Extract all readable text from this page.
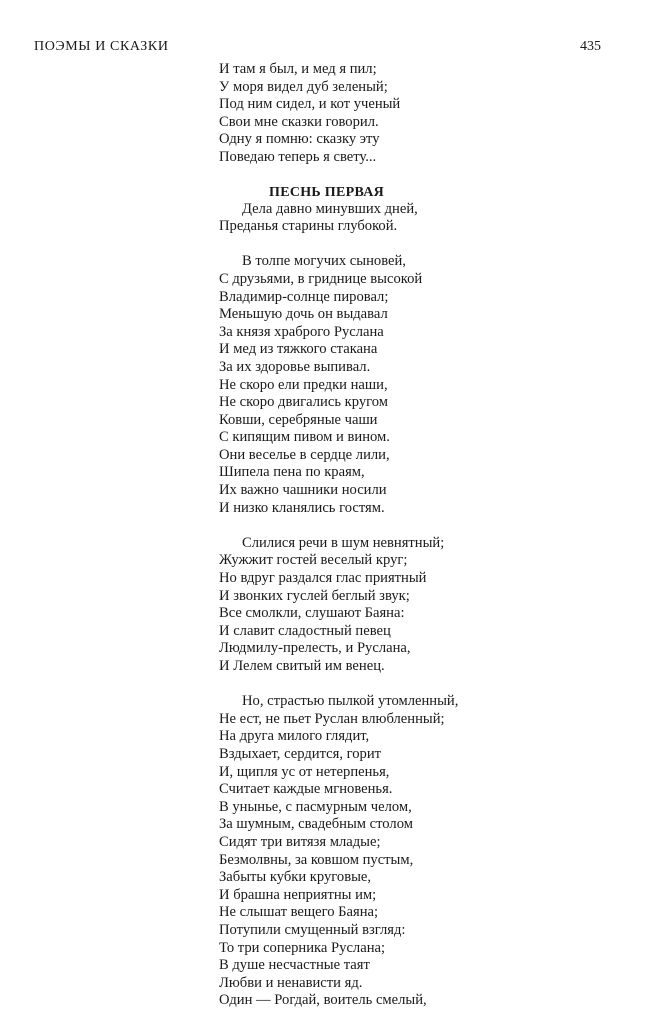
ПОЭМЫ И СКАЗКИ	435
И там я был, и мед я пил;
У моря видел дуб зеленый;
Под ним сидел, и кот ученый
Свои мне сказки говорил.
Одну я помню: сказку эту
Поведаю теперь я свету...
ПЕСНЬ ПЕРВАЯ
Дела давно минувших дней,
Преданья старины глубокой.
В толпе могучих сыновей,
С друзьями, в гриднице высокой
Владимир-солнце пировал;
Меньшую дочь он выдавал
За князя храброго Руслана
И мед из тяжкого стакана
За их здоровье выпивал.
Не скоро ели предки наши,
Не скоро двигались кругом
Ковши, серебряные чаши
С кипящим пивом и вином.
Они веселье в сердце лили,
Шипела пена по краям,
Их важно чашники носили
И низко кланялись гостям.
Слилися речи в шум невнятный;
Жужжит гостей веселый круг;
Но вдруг раздался глас приятный
И звонких гуслей беглый звук;
Все смолкли, слушают Баяна:
И славит сладостный певец
Людмилу-прелесть, и Руслана,
И Лелем свитый им венец.
Но, страстью пылкой утомленный,
Не ест, не пьет Руслан влюбленный;
На друга милого глядит,
Вздыхает, сердится, горит
И, щипля ус от нетерпенья,
Считает каждые мгновенья.
В унынье, с пасмурным челом,
За шумным, свадебным столом
Сидят три витязя младые;
Безмолвны, за ковшом пустым,
Забыты кубки круговые,
И брашна неприятны им;
Не слышат вещего Баяна;
Потупили смущенный взгляд:
То три соперника Руслана;
В душе несчастные таят
Любви и ненависти яд.
Один — Рогдай, воитель смелый,
